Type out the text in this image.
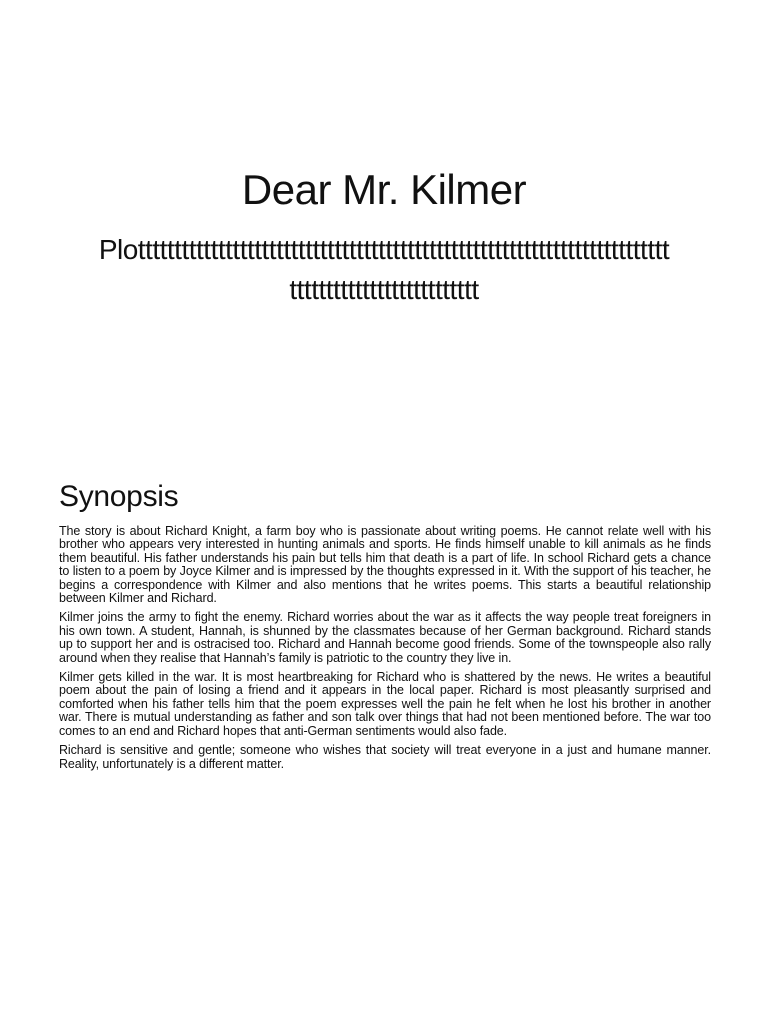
Dear Mr. Kilmer

Plottttttttttttttttttttttttttttttttttttttttttttttttttttttttttttttttttttttttttttttttttttttttttttttttttt

Synopsis

The story is about Richard Knight, a farm boy who is passionate about writing poems. He cannot relate well with his brother who appears very interested in hunting animals and sports. He finds himself unable to kill animals as he finds them beautiful. His father understands his pain but tells him that death is a part of life. In school Richard gets a chance to listen to a poem by Joyce Kilmer and is impressed by the thoughts expressed in it. With the support of his teacher, he begins a correspondence with Kilmer and also mentions that he writes poems. This starts a beautiful relationship between Kilmer and Richard.

Kilmer joins the army to fight the enemy. Richard worries about the war as it affects the way people treat foreigners in his own town. A student, Hannah, is shunned by the classmates because of her German background. Richard stands up to support her and is ostracised too. Richard and Hannah become good friends. Some of the townspeople also rally around when they realise that Hannah’s family is patriotic to the country they live in.

Kilmer gets killed in the war. It is most heartbreaking for Richard who is shattered by the news. He writes a beautiful poem about the pain of losing a friend and it appears in the local paper. Richard is most pleasantly surprised and comforted when his father tells him that the poem expresses well the pain he felt when he lost his brother in another war. There is mutual understanding as father and son talk over things that had not been mentioned before. The war too comes to an end and Richard hopes that anti-German sentiments would also fade.

Richard is sensitive and gentle; someone who wishes that society will treat everyone in a just and humane manner. Reality, unfortunately is a different matter.
